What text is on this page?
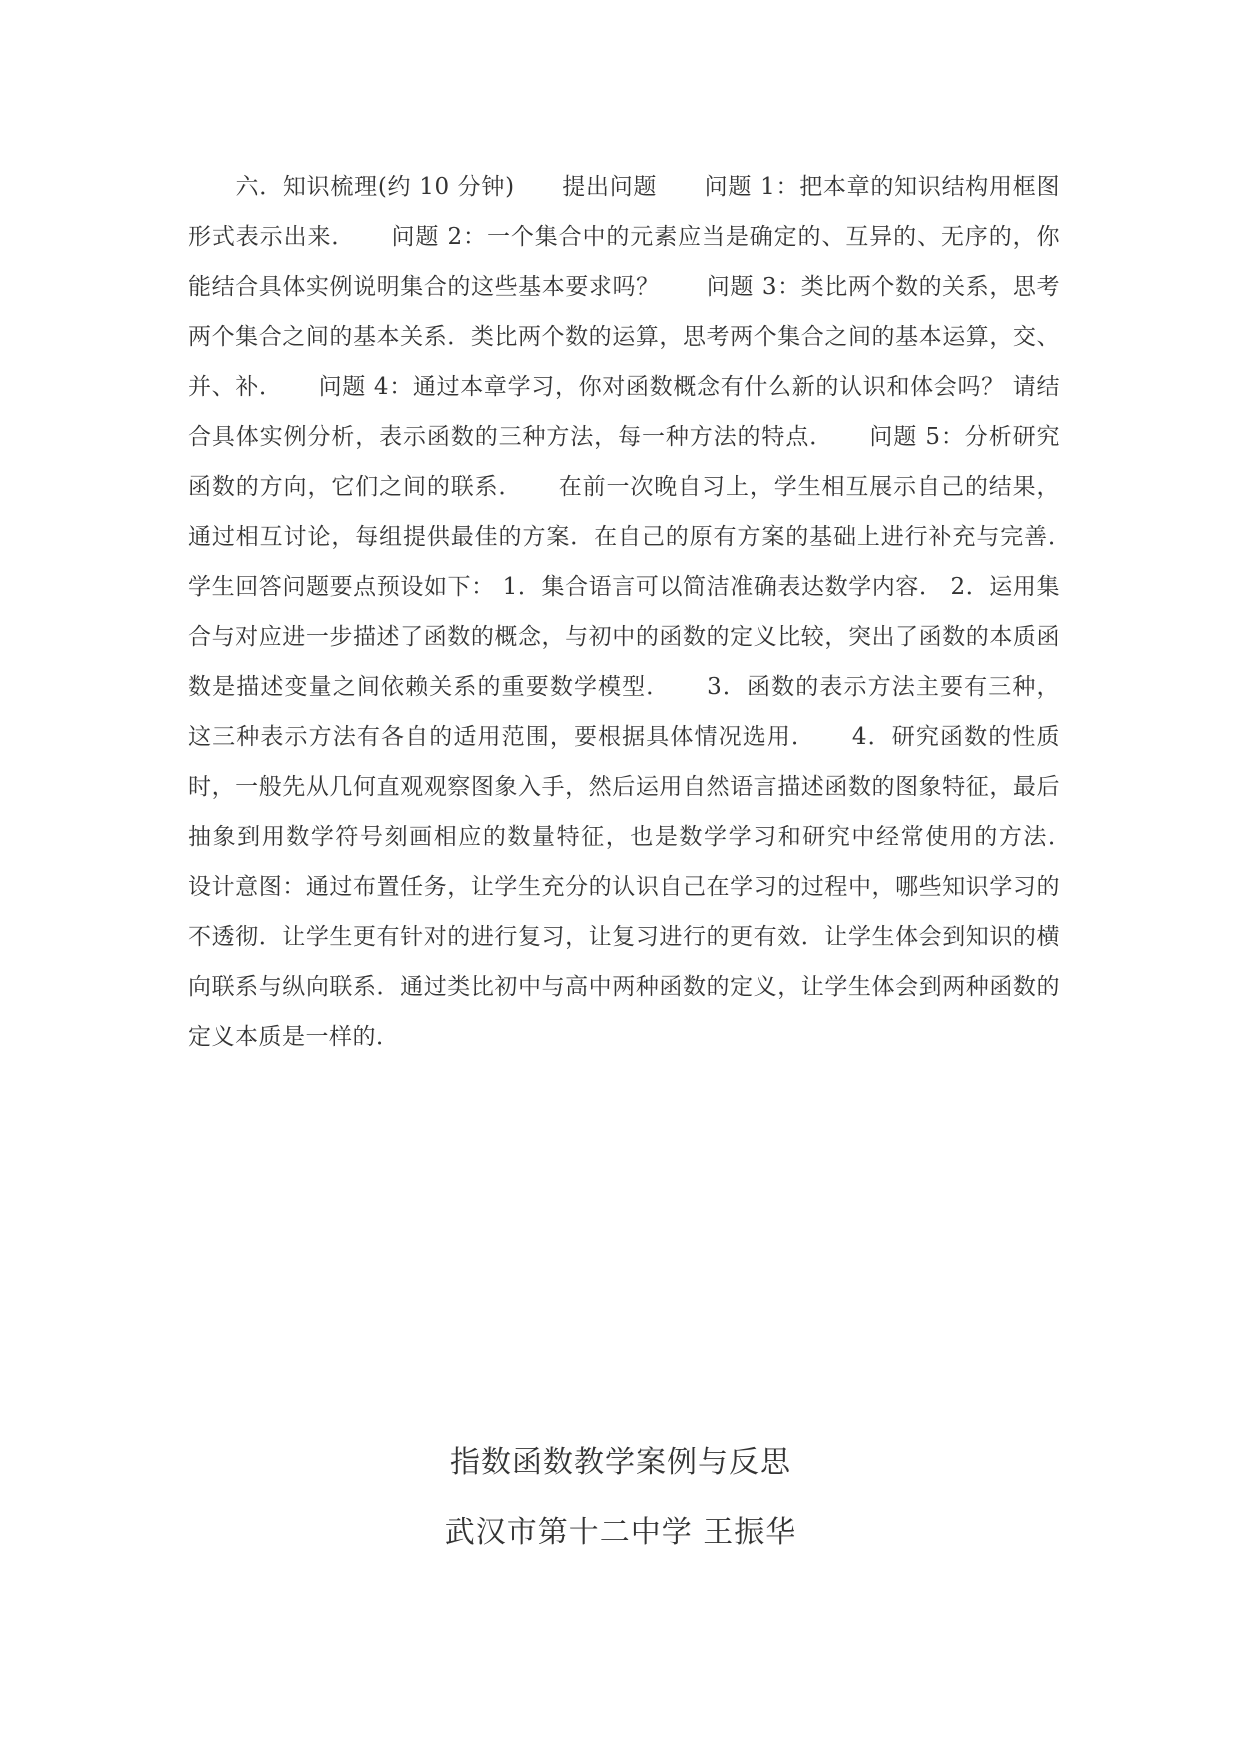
　　六．知识梳理(约 10 分钟)　　提出问题　　问题 1：把本章的知识结构用框图形式表示出来．　　问题 2：一个集合中的元素应当是确定的、互异的、无序的，你能结合具体实例说明集合的这些基本要求吗？　　问题 3：类比两个数的关系，思考两个集合之间的基本关系．类比两个数的运算，思考两个集合之间的基本运算，交、并、补．　　问题 4：通过本章学习，你对函数概念有什么新的认识和体会吗？ 请结合具体实例分析，表示函数的三种方法，每一种方法的特点．　　问题 5：分析研究函数的方向，它们之间的联系．　　在前一次晚自习上，学生相互展示自己的结果，通过相互讨论，每组提供最佳的方案．在自己的原有方案的基础上进行补充与完善．　　学生回答问题要点预设如下： 1．集合语言可以简洁准确表达数学内容． 2．运用集合与对应进一步描述了函数的概念，与初中的函数的定义比较，突出了函数的本质函数是描述变量之间依赖关系的重要数学模型．　　3．函数的表示方法主要有三种，这三种表示方法有各自的适用范围，要根据具体情况选用．　　4．研究函数的性质时，一般先从几何直观观察图象入手，然后运用自然语言描述函数的图象特征，最后抽象到用数学符号刻画相应的数量特征，也是数学学习和研究中经常使用的方法．　　设计意图：通过布置任务，让学生充分的认识自己在学习的过程中，哪些知识学习的不透彻．让学生更有针对的进行复习，让复习进行的更有效．让学生体会到知识的横向联系与纵向联系．通过类比初中与高中两种函数的定义，让学生体会到两种函数的定义本质是一样的．

指数函数教学案例与反思
武汉市第十二中学 王振华
